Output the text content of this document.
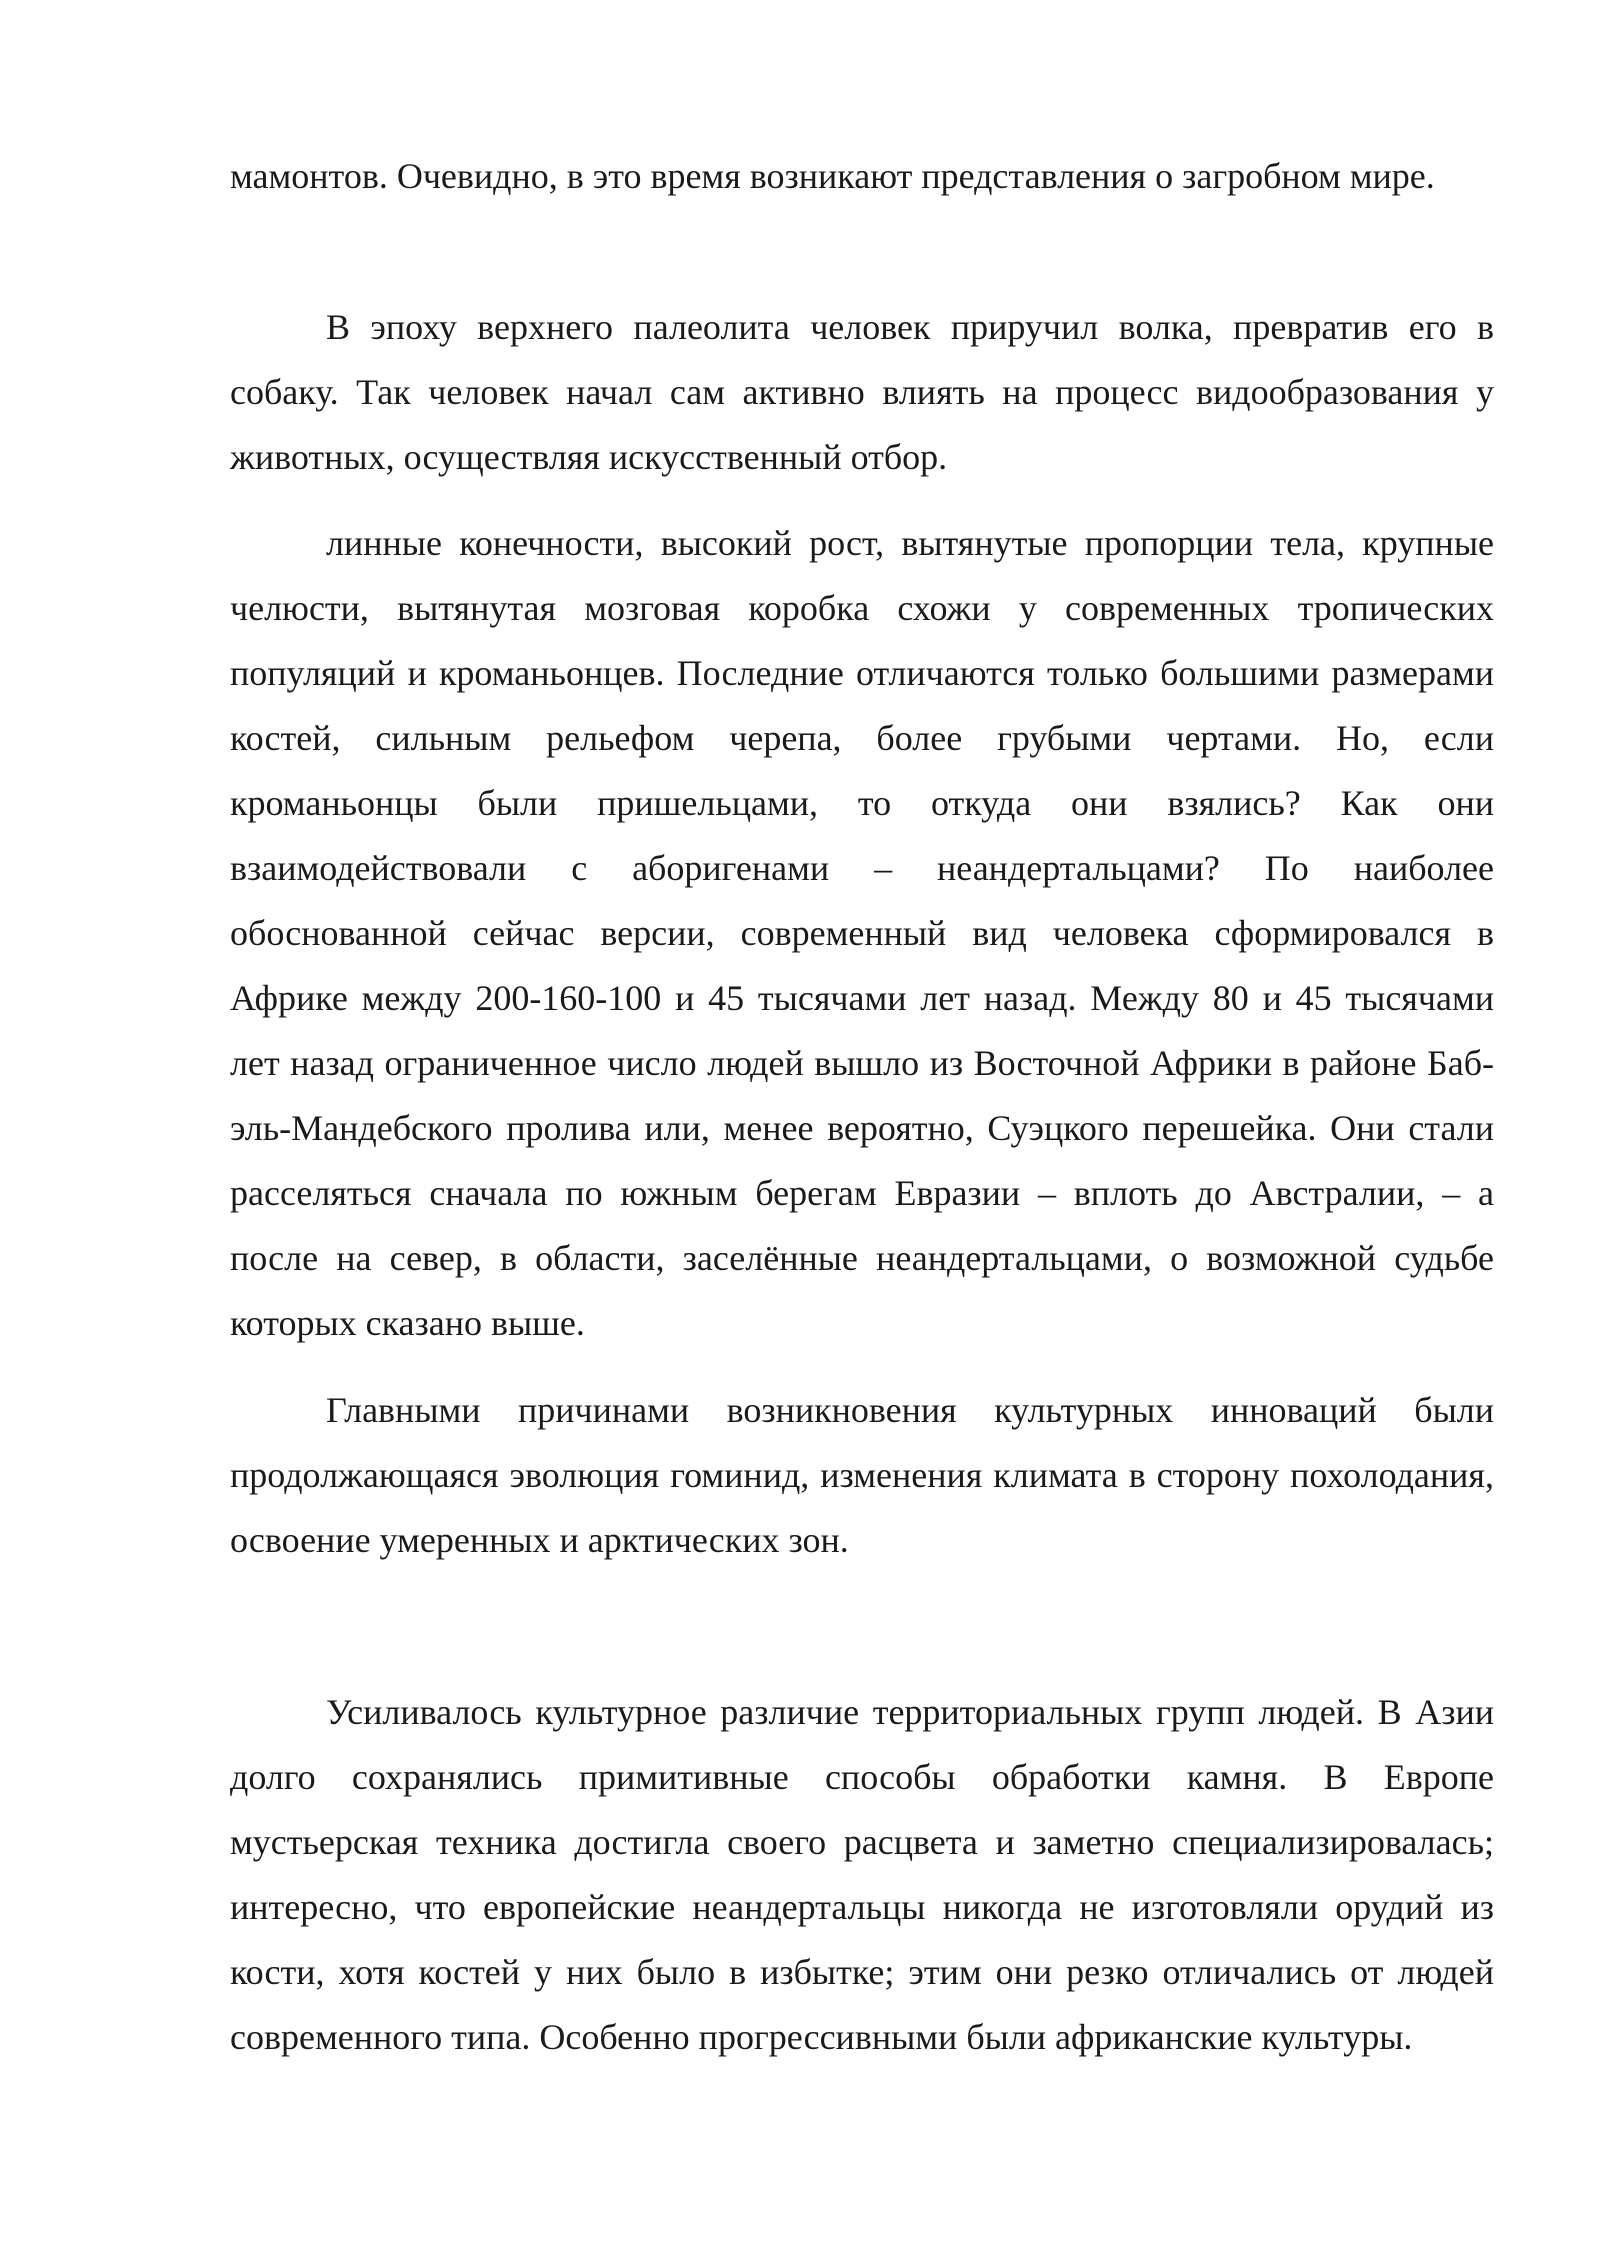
мамонтов. Очевидно, в это время возникают представления о загробном мире.

В эпоху верхнего палеолита человек приручил волка, превратив его в собаку. Так человек начал сам активно влиять на процесс видообразования у животных, осуществляя искусственный отбор.

линные конечности, высокий рост, вытянутые пропорции тела, крупные челюсти, вытянутая мозговая коробка схожи у современных тропических популяций и кроманьонцев. Последние отличаются только большими размерами костей, сильным рельефом черепа, более грубыми чертами. Но, если кроманьонцы были пришельцами, то откуда они взялись? Как они взаимодействовали с аборигенами – неандертальцами? По наиболее обоснованной сейчас версии, современный вид человека сформировался в Африке между 200-160-100 и 45 тысячами лет назад. Между 80 и 45 тысячами лет назад ограниченное число людей вышло из Восточной Африки в районе Баб-эль-Мандебского пролива или, менее вероятно, Суэцкого перешейка. Они стали расселяться сначала по южным берегам Евразии – вплоть до Австралии, – а после на север, в области, заселённые неандертальцами, о возможной судьбе которых сказано выше.

Главными причинами возникновения культурных инноваций были продолжающаяся эволюция гоминид, изменения климата в сторону похолодания, освоение умеренных и арктических зон.

Усиливалось культурное различие территориальных групп людей. В Азии долго сохранялись примитивные способы обработки камня. В Европе мустьерская техника достигла своего расцвета и заметно специализировалась; интересно, что европейские неандертальцы никогда не изготовляли орудий из кости, хотя костей у них было в избытке; этим они резко отличались от людей современного типа. Особенно прогрессивными были африканские культуры.
